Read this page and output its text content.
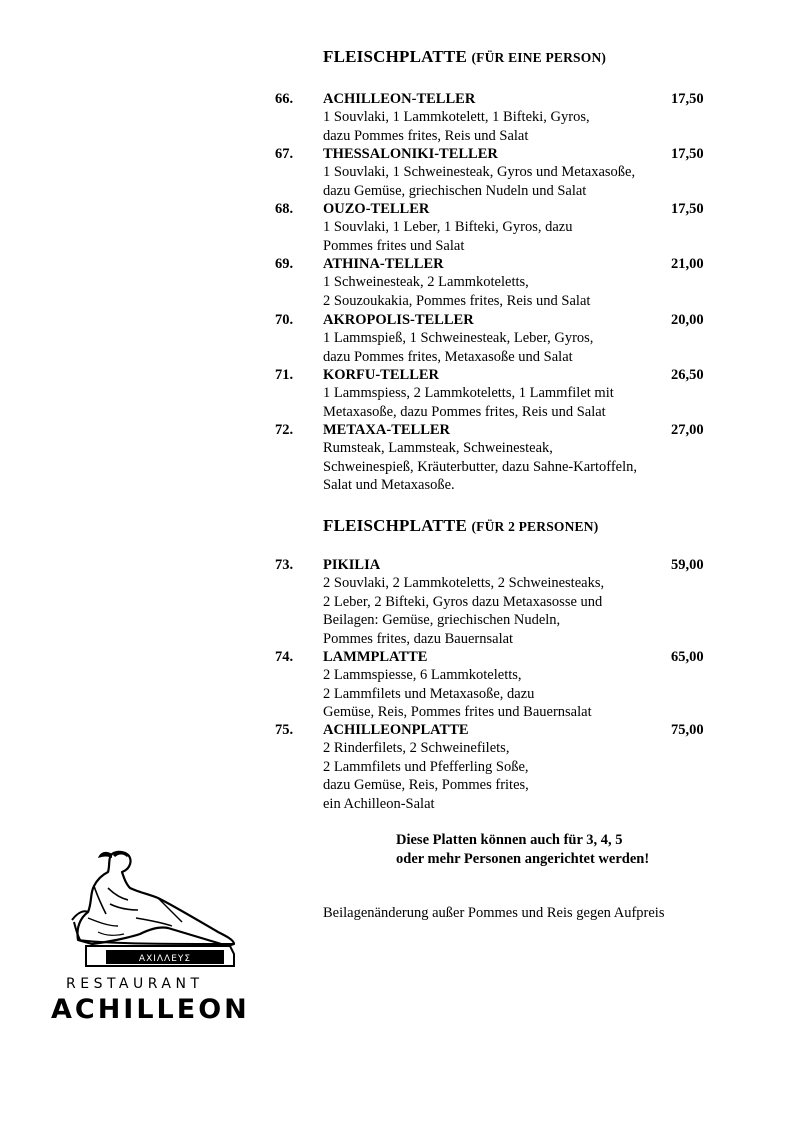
FLEISCHPLATTE (FÜR EINE PERSON)
66. ACHILLEON-TELLER	17,50
1 Souvlaki, 1 Lammkotelett, 1 Bifteki, Gyros,
dazu Pommes frites, Reis und Salat
67. THESSALONIKI-TELLER	17,50
1 Souvlaki, 1 Schweinesteak, Gyros und Metaxasoße,
dazu Gemüse, griechischen Nudeln und Salat
68. OUZO-TELLER	17,50
1 Souvlaki, 1 Leber, 1 Bifteki, Gyros, dazu
Pommes frites und Salat
69. ATHINA-TELLER	21,00
1 Schweinesteak, 2 Lammkoteletts,
2 Souzoukakia, Pommes frites, Reis und Salat
70. AKROPOLIS-TELLER	20,00
1 Lammspieß, 1 Schweinesteak, Leber, Gyros,
dazu Pommes frites, Metaxasoße und Salat
71. KORFU-TELLER	26,50
1 Lammspiess, 2 Lammkoteletts, 1 Lammfilet mit
Metaxasoße, dazu Pommes frites, Reis und Salat
72. METAXA-TELLER	27,00
Rumsteak, Lammsteak, Schweinesteak,
Schweinespieß, Kräuterbutter, dazu Sahne-Kartoffeln,
Salat und Metaxasoße.
FLEISCHPLATTE (FÜR 2 PERSONEN)
73. PIKILIA	59,00
2 Souvlaki, 2 Lammkoteletts, 2 Schweinesteaks,
2 Leber, 2 Bifteki, Gyros dazu Metaxasosse und
Beilagen: Gemüse, griechischen Nudeln,
Pommes frites, dazu Bauernsalat
74. LAMMPLATTE	65,00
2 Lammspiesse, 6 Lammkoteletts,
2 Lammfilets und Metaxasoße, dazu
Gemüse, Reis, Pommes frites und Bauernsalat
75. ACHILLEONPLATTE	75,00
2 Rinderfilets, 2 Schweinefilets,
2 Lammfilets und Pfefferling Soße,
dazu Gemüse, Reis, Pommes frites,
ein Achilleon-Salat
Diese Platten können auch für 3, 4, 5
oder mehr Personen angerichtet werden!
Beilagenänderung außer Pommes und Reis gegen Aufpreis
ΑΧΙΛΛΕΥΣ
RESTAURANT
ACHILLEON
